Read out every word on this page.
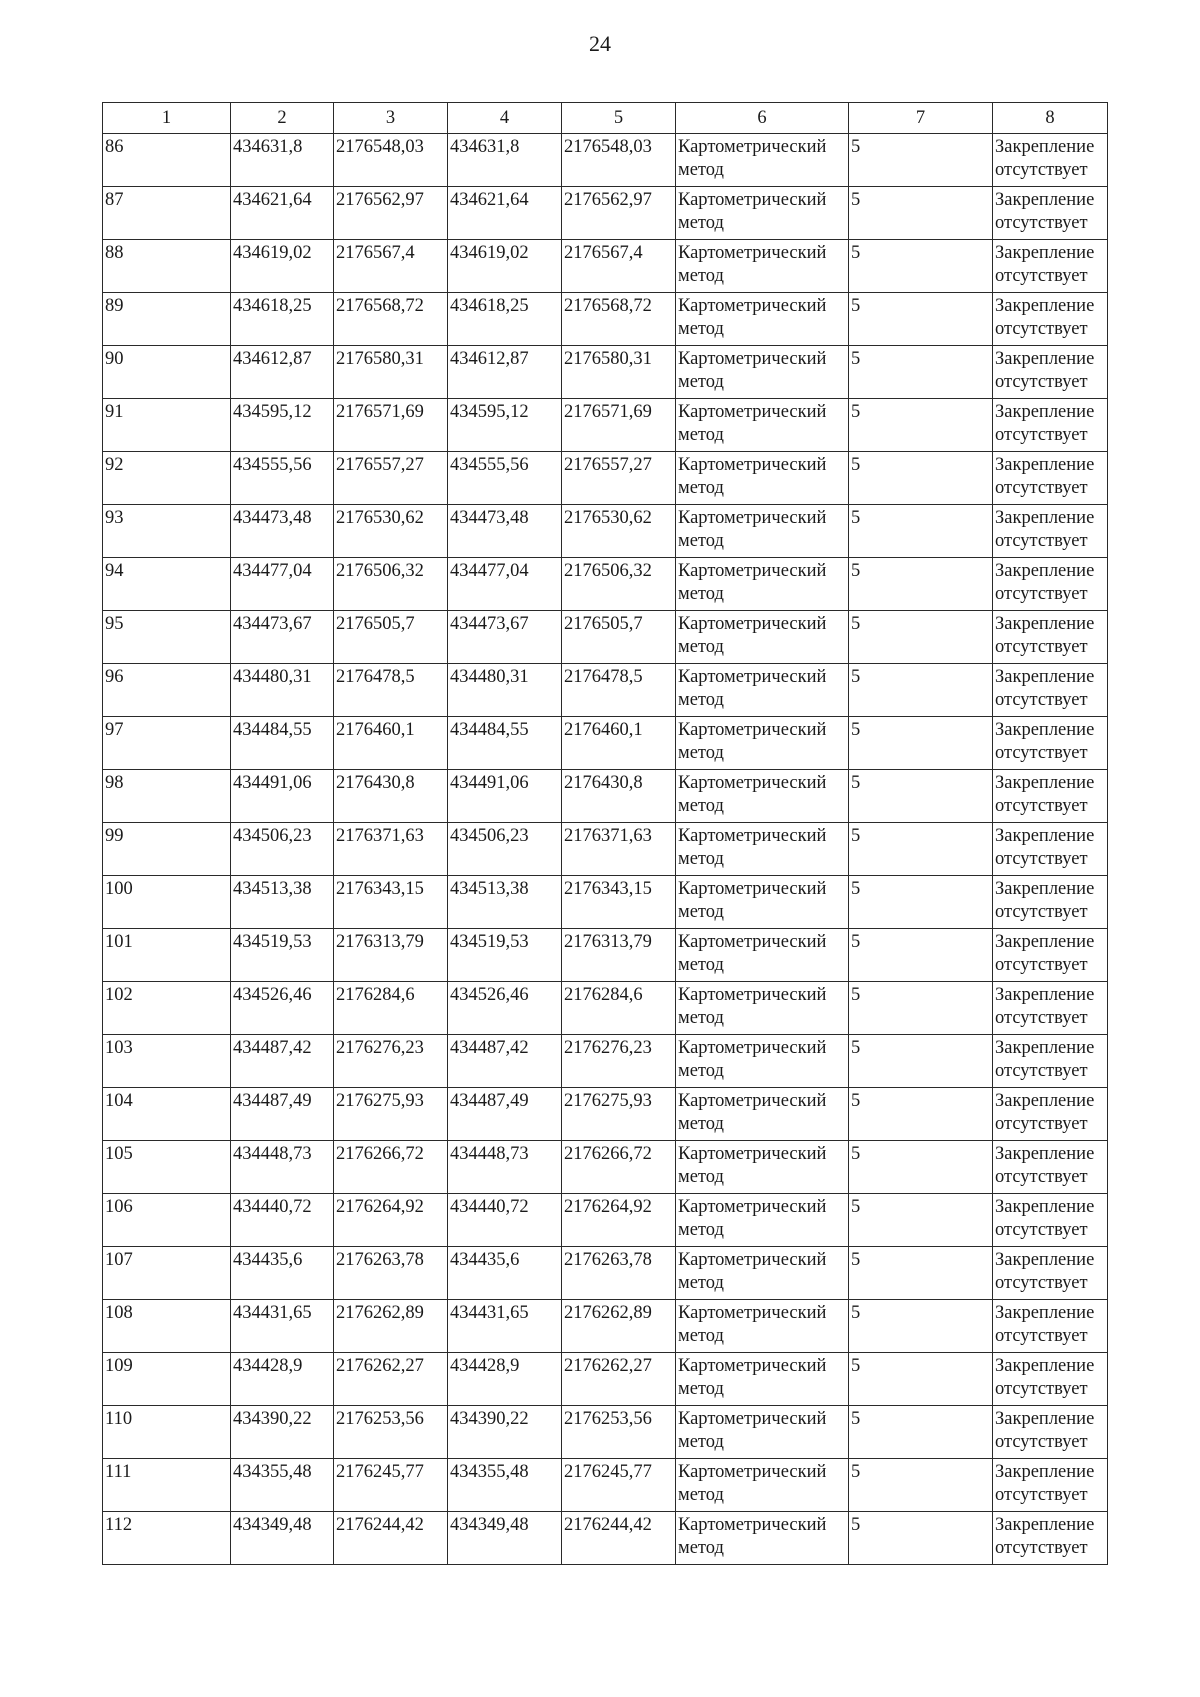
24
1	2	3	4	5	6	7	8
86	434631,8	2176548,03	434631,8	2176548,03	Картометрический метод	5	Закрепление отсутствует
87	434621,64	2176562,97	434621,64	2176562,97	Картометрический метод	5	Закрепление отсутствует
88	434619,02	2176567,4	434619,02	2176567,4	Картометрический метод	5	Закрепление отсутствует
89	434618,25	2176568,72	434618,25	2176568,72	Картометрический метод	5	Закрепление отсутствует
90	434612,87	2176580,31	434612,87	2176580,31	Картометрический метод	5	Закрепление отсутствует
91	434595,12	2176571,69	434595,12	2176571,69	Картометрический метод	5	Закрепление отсутствует
92	434555,56	2176557,27	434555,56	2176557,27	Картометрический метод	5	Закрепление отсутствует
93	434473,48	2176530,62	434473,48	2176530,62	Картометрический метод	5	Закрепление отсутствует
94	434477,04	2176506,32	434477,04	2176506,32	Картометрический метод	5	Закрепление отсутствует
95	434473,67	2176505,7	434473,67	2176505,7	Картометрический метод	5	Закрепление отсутствует
96	434480,31	2176478,5	434480,31	2176478,5	Картометрический метод	5	Закрепление отсутствует
97	434484,55	2176460,1	434484,55	2176460,1	Картометрический метод	5	Закрепление отсутствует
98	434491,06	2176430,8	434491,06	2176430,8	Картометрический метод	5	Закрепление отсутствует
99	434506,23	2176371,63	434506,23	2176371,63	Картометрический метод	5	Закрепление отсутствует
100	434513,38	2176343,15	434513,38	2176343,15	Картометрический метод	5	Закрепление отсутствует
101	434519,53	2176313,79	434519,53	2176313,79	Картометрический метод	5	Закрепление отсутствует
102	434526,46	2176284,6	434526,46	2176284,6	Картометрический метод	5	Закрепление отсутствует
103	434487,42	2176276,23	434487,42	2176276,23	Картометрический метод	5	Закрепление отсутствует
104	434487,49	2176275,93	434487,49	2176275,93	Картометрический метод	5	Закрепление отсутствует
105	434448,73	2176266,72	434448,73	2176266,72	Картометрический метод	5	Закрепление отсутствует
106	434440,72	2176264,92	434440,72	2176264,92	Картометрический метод	5	Закрепление отсутствует
107	434435,6	2176263,78	434435,6	2176263,78	Картометрический метод	5	Закрепление отсутствует
108	434431,65	2176262,89	434431,65	2176262,89	Картометрический метод	5	Закрепление отсутствует
109	434428,9	2176262,27	434428,9	2176262,27	Картометрический метод	5	Закрепление отсутствует
110	434390,22	2176253,56	434390,22	2176253,56	Картометрический метод	5	Закрепление отсутствует
111	434355,48	2176245,77	434355,48	2176245,77	Картометрический метод	5	Закрепление отсутствует
112	434349,48	2176244,42	434349,48	2176244,42	Картометрический метод	5	Закрепление отсутствует
